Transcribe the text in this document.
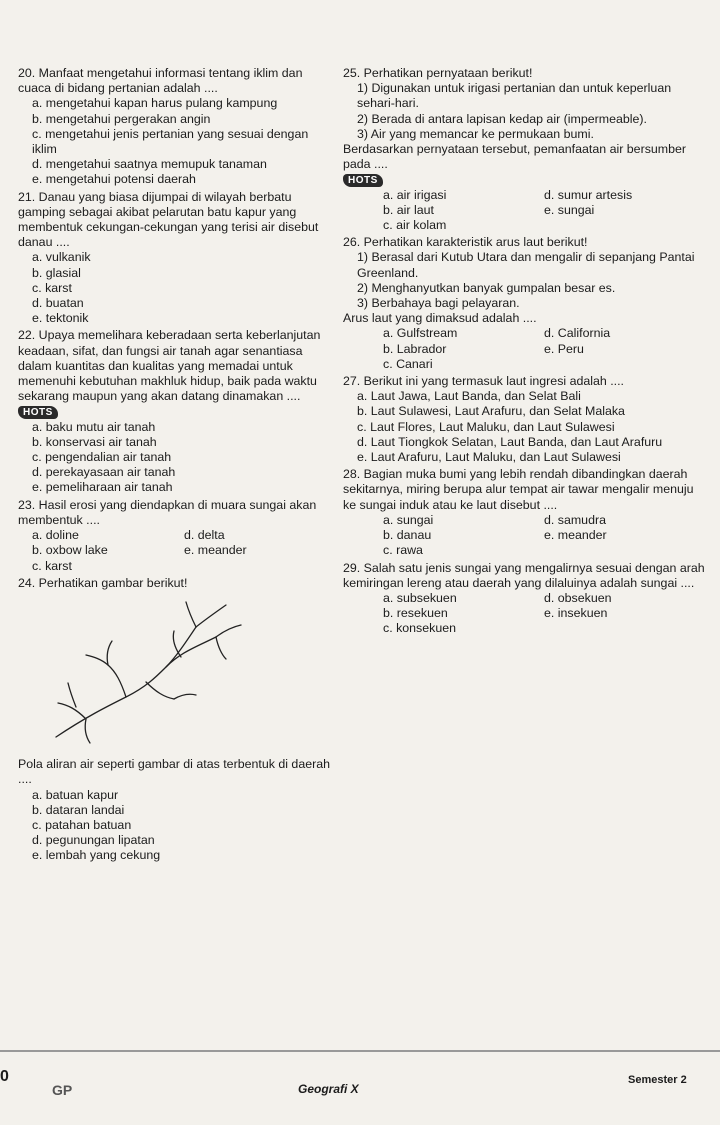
20. Manfaat mengetahui informasi tentang iklim dan cuaca di bidang pertanian adalah ....
a. mengetahui kapan harus pulang kampung
b. mengetahui pergerakan angin
c. mengetahui jenis pertanian yang sesuai dengan iklim
d. mengetahui saatnya memupuk tanaman
e. mengetahui potensi daerah
21. Danau yang biasa dijumpai di wilayah berbatu gamping sebagai akibat pelarutan batu kapur yang membentuk cekungan-cekungan yang terisi air disebut danau ....
a. vulkanik
b. glasial
c. karst
d. buatan
e. tektonik
22. Upaya memelihara keberadaan serta keberlanjutan keadaan, sifat, dan fungsi air tanah agar senantiasa dalam kuantitas dan kualitas yang memadai untuk memenuhi kebutuhan makhluk hidup, baik pada waktu sekarang maupun yang akan datang dinamakan .... HOTS
a. baku mutu air tanah
b. konservasi air tanah
c. pengendalian air tanah
d. perekayasaan air tanah
e. pemeliharaan air tanah
23. Hasil erosi yang diendapkan di muara sungai akan membentuk ....
a. doline	d. delta
b. oxbow lake	e. meander
c. karst
24. Perhatikan gambar berikut!
Pola aliran air seperti gambar di atas terbentuk di daerah ....
a. batuan kapur
b. dataran landai
c. patahan batuan
d. pegunungan lipatan
e. lembah yang cekung
25. Perhatikan pernyataan berikut!
1) Digunakan untuk irigasi pertanian dan untuk keperluan sehari-hari.
2) Berada di antara lapisan kedap air (impermeable).
3) Air yang memancar ke permukaan bumi.
Berdasarkan pernyataan tersebut, pemanfaatan air bersumber pada ....
HOTS
a. air irigasi	d. sumur artesis
b. air laut	e. sungai
c. air kolam
26. Perhatikan karakteristik arus laut berikut!
1) Berasal dari Kutub Utara dan mengalir di sepanjang Pantai Greenland.
2) Menghanyutkan banyak gumpalan besar es.
3) Berbahaya bagi pelayaran.
Arus laut yang dimaksud adalah ....
a. Gulfstream	d. California
b. Labrador	e. Peru
c. Canari
27. Berikut ini yang termasuk laut ingresi adalah ....
a. Laut Jawa, Laut Banda, dan Selat Bali
b. Laut Sulawesi, Laut Arafuru, dan Selat Malaka
c. Laut Flores, Laut Maluku, dan Laut Sulawesi
d. Laut Tiongkok Selatan, Laut Banda, dan Laut Arafuru
e. Laut Arafuru, Laut Maluku, dan Laut Sulawesi
28. Bagian muka bumi yang lebih rendah dibandingkan daerah sekitarnya, miring berupa alur tempat air tawar mengalir menuju ke sungai induk atau ke laut disebut ....
a. sungai	d. samudra
b. danau	e. meander
c. rawa
29. Salah satu jenis sungai yang mengalirnya sesuai dengan arah kemiringan lereng atau daerah yang dilaluinya adalah sungai ....
a. subsekuen	d. obsekuen
b. resekuen	e. insekuen
c. konsekuen
0
GP	Geografi X
Semester 2
